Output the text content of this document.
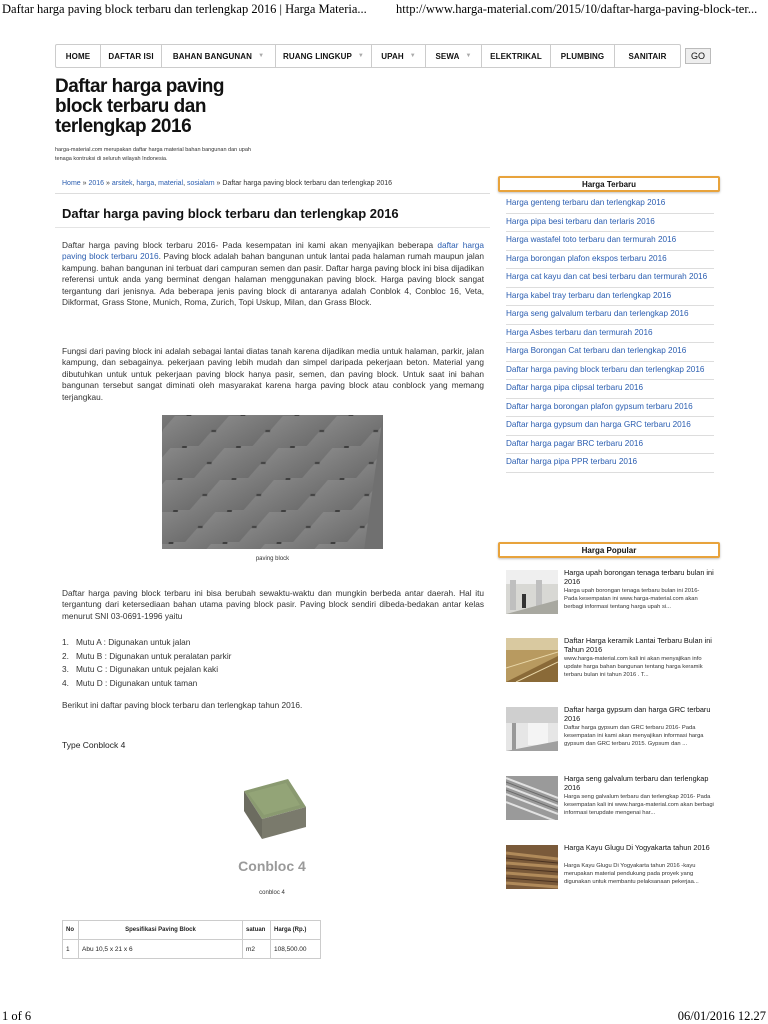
Daftar harga paving block terbaru dan terlengkap 2016 | Harga Materia...	http://www.harga-material.com/2015/10/daftar-harga-paving-block-ter...
HOME DAFTAR ISI BAHAN BANGUNAN ▼ RUANG LINGKUP ▼ UPAH ▼ SEWA ▼ ELEKTRIKAL PLUMBING	SANITAIR	GO
Daftar harga paving block terbaru dan terlengkap 2016
harga-material.com merupakan daftar harga material bahan bangunan dan upah tenaga kontruksi di seluruh wilayah Indonesia.
Home » 2016 » arsitek, harga, material, sosialam » Daftar harga paving block terbaru dan terlengkap 2016
Daftar harga paving block terbaru dan terlengkap 2016
Daftar harga paving block terbaru 2016- Pada kesempatan ini kami akan menyajikan beberapa daftar harga paving block terbaru 2016. Paving block adalah bahan bangunan untuk lantai pada halaman rumah maupun jalan kampung. bahan bangunan ini terbuat dari campuran semen dan pasir. Daftar harga paving block ini bisa dijadikan referensi untuk anda yang berminat dengan halaman menggunakan paving block. Harga paving block sangat tergantung dari jenisnya. Ada beberapa jenis paving block di antaranya adalah Conblok 4, Conbloc 16, Veta, Dikformat, Grass Stone, Munich, Roma, Zurich, Topi Uskup, Milan, dan Grass Block.
Fungsi dari paving block ini adalah sebagai lantai diatas tanah karena dijadikan media untuk halaman, parkir, jalan kampung, dan sebagainya. pekerjaan paving lebih mudah dan simpel daripada pekerjaan beton. Material yang dibutuhkan untuk untuk pekerjaan paving block hanya pasir, semen, dan paving block. Untuk saat ini bahan bangunan tersebut sangat diminati oleh masyarakat karena harga paving block atau conblock yang memang terjangkau.
paving block
Daftar harga paving block terbaru ini bisa berubah sewaktu-waktu dan mungkin berbeda antar daerah. Hal itu tergantung dari ketersediaan bahan utama paving block pasir. Paving block sendiri dibeda-bedakan antar kelas menurut SNI 03-0691-1996 yaitu
1. Mutu A : Digunakan untuk jalan
2. Mutu B : Digunakan untuk peralatan parkir
3. Mutu C : Digunakan untuk pejalan kaki
4. Mutu D : Digunakan untuk taman
Berikut ini daftar paving block terbaru dan terlengkap tahun 2016.
Type Conblock 4
Conbloc 4
conbloc 4
No	Spesifikasi Paving Block	satuan	Harga (Rp.)
1	Abu 10,5 x 21 x 6	m2	108,500.00
Harga Terbaru
Harga genteng terbaru dan terlengkap 2016
Harga pipa besi terbaru dan terlaris 2016
Harga wastafel toto terbaru dan termurah 2016
Harga borongan plafon ekspos terbaru 2016
Harga cat kayu dan cat besi terbaru dan termurah 2016
Harga kabel tray terbaru dan terlengkap 2016
Harga seng galvalum terbaru dan terlengkap 2016
Harga Asbes terbaru dan termurah 2016
Harga Borongan Cat terbaru dan terlengkap 2016
Daftar harga paving block terbaru dan terlengkap 2016
Daftar harga pipa clipsal terbaru 2016
Daftar harga borongan plafon gypsum terbaru 2016
Daftar harga gypsum dan harga GRC terbaru 2016
Daftar harga pagar BRC terbaru 2016
Daftar harga pipa PPR terbaru 2016
Harga Popular
Harga upah borongan tenaga terbaru bulan ini 2016
Harga upah borongan tenaga terbaru bulan ini 2016- Pada kesempatan ini www.harga-material.com akan berbagi informasi tentang harga upah si...
Daftar Harga keramik Lantai Terbaru Bulan ini Tahun 2016
www.harga-material.com kali ini akan menyajikan info update harga bahan bangunan tentang harga keramik terbaru bulan ini tahun 2016 . T...
Daftar harga gypsum dan harga GRC terbaru 2016
Daftar harga gypsum dan GRC terbaru 2016- Pada kesempatan ini kami akan menyajikan informasi harga gypsum dan GRC terbaru 2015. Gypsum dan ...
Harga seng galvalum terbaru dan terlengkap 2016
Harga seng galvalum terbaru dan terlengkap 2016- Pada kesempatan kali ini www.harga-material.com akan berbagi informasi terupdate mengenai har...
Harga Kayu Glugu Di Yogyakarta tahun 2016
Harga Kayu Glugu Di Yogyakarta tahun 2016 -kayu merupakan material pendukung pada proyek yang digunakan untuk membantu pelaksanaan pekerjaa...
1 of 6	06/01/2016 12.27
